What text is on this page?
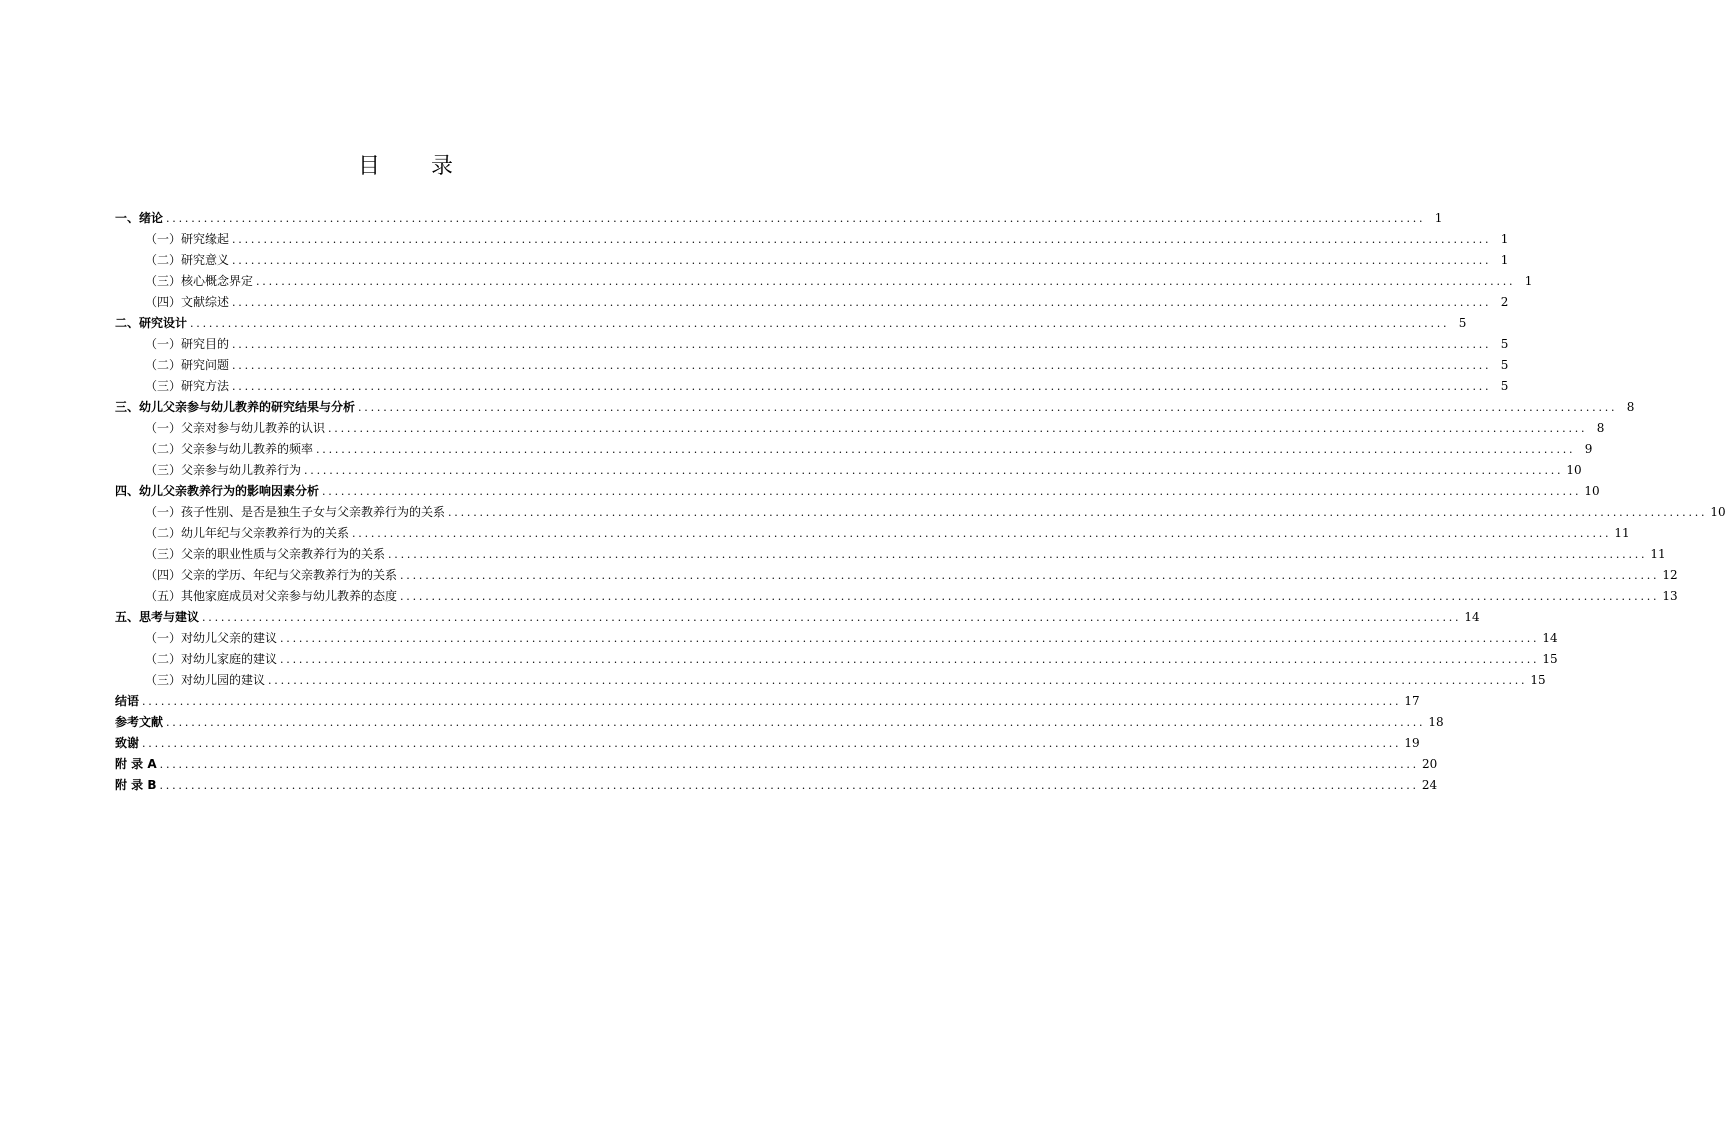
目 录
一、绪论 ........................................................................................................................................................................................................ 1
（一）研究缘起 ........................................................................................................................................................................................................ 1
（二）研究意义 ........................................................................................................................................................................................................ 1
（三）核心概念界定 ........................................................................................................................................................................................................ 1
（四）文献综述 ........................................................................................................................................................................................................ 2
二、研究设计 ........................................................................................................................................................................................................ 5
（一）研究目的 ........................................................................................................................................................................................................ 5
（二）研究问题 ........................................................................................................................................................................................................ 5
（三）研究方法 ........................................................................................................................................................................................................ 5
三、幼儿父亲参与幼儿教养的研究结果与分析 ........................................................................................................................................................................................................ 8
（一）父亲对参与幼儿教养的认识 ........................................................................................................................................................................................................ 8
（二）父亲参与幼儿教养的频率 ........................................................................................................................................................................................................ 9
（三）父亲参与幼儿教养行为 ........................................................................................................................................................................................................ 10
四、幼儿父亲教养行为的影响因素分析 ........................................................................................................................................................................................................ 10
（一）孩子性别、是否是独生子女与父亲教养行为的关系 ........................................................................................................................................................................................................ 10
（二）幼儿年纪与父亲教养行为的关系 ........................................................................................................................................................................................................ 11
（三）父亲的职业性质与父亲教养行为的关系 ........................................................................................................................................................................................................ 11
（四）父亲的学历、年纪与父亲教养行为的关系 ........................................................................................................................................................................................................ 12
（五）其他家庭成员对父亲参与幼儿教养的态度 ........................................................................................................................................................................................................ 13
五、思考与建议 ........................................................................................................................................................................................................ 14
（一）对幼儿父亲的建议 ........................................................................................................................................................................................................ 14
（二）对幼儿家庭的建议 ........................................................................................................................................................................................................ 15
（三）对幼儿园的建议 ........................................................................................................................................................................................................ 15
结语 ........................................................................................................................................................................................................ 17
参考文献 ........................................................................................................................................................................................................ 18
致谢 ........................................................................................................................................................................................................ 19
附 录 A ........................................................................................................................................................................................................ 20
附 录 B ........................................................................................................................................................................................................ 24
